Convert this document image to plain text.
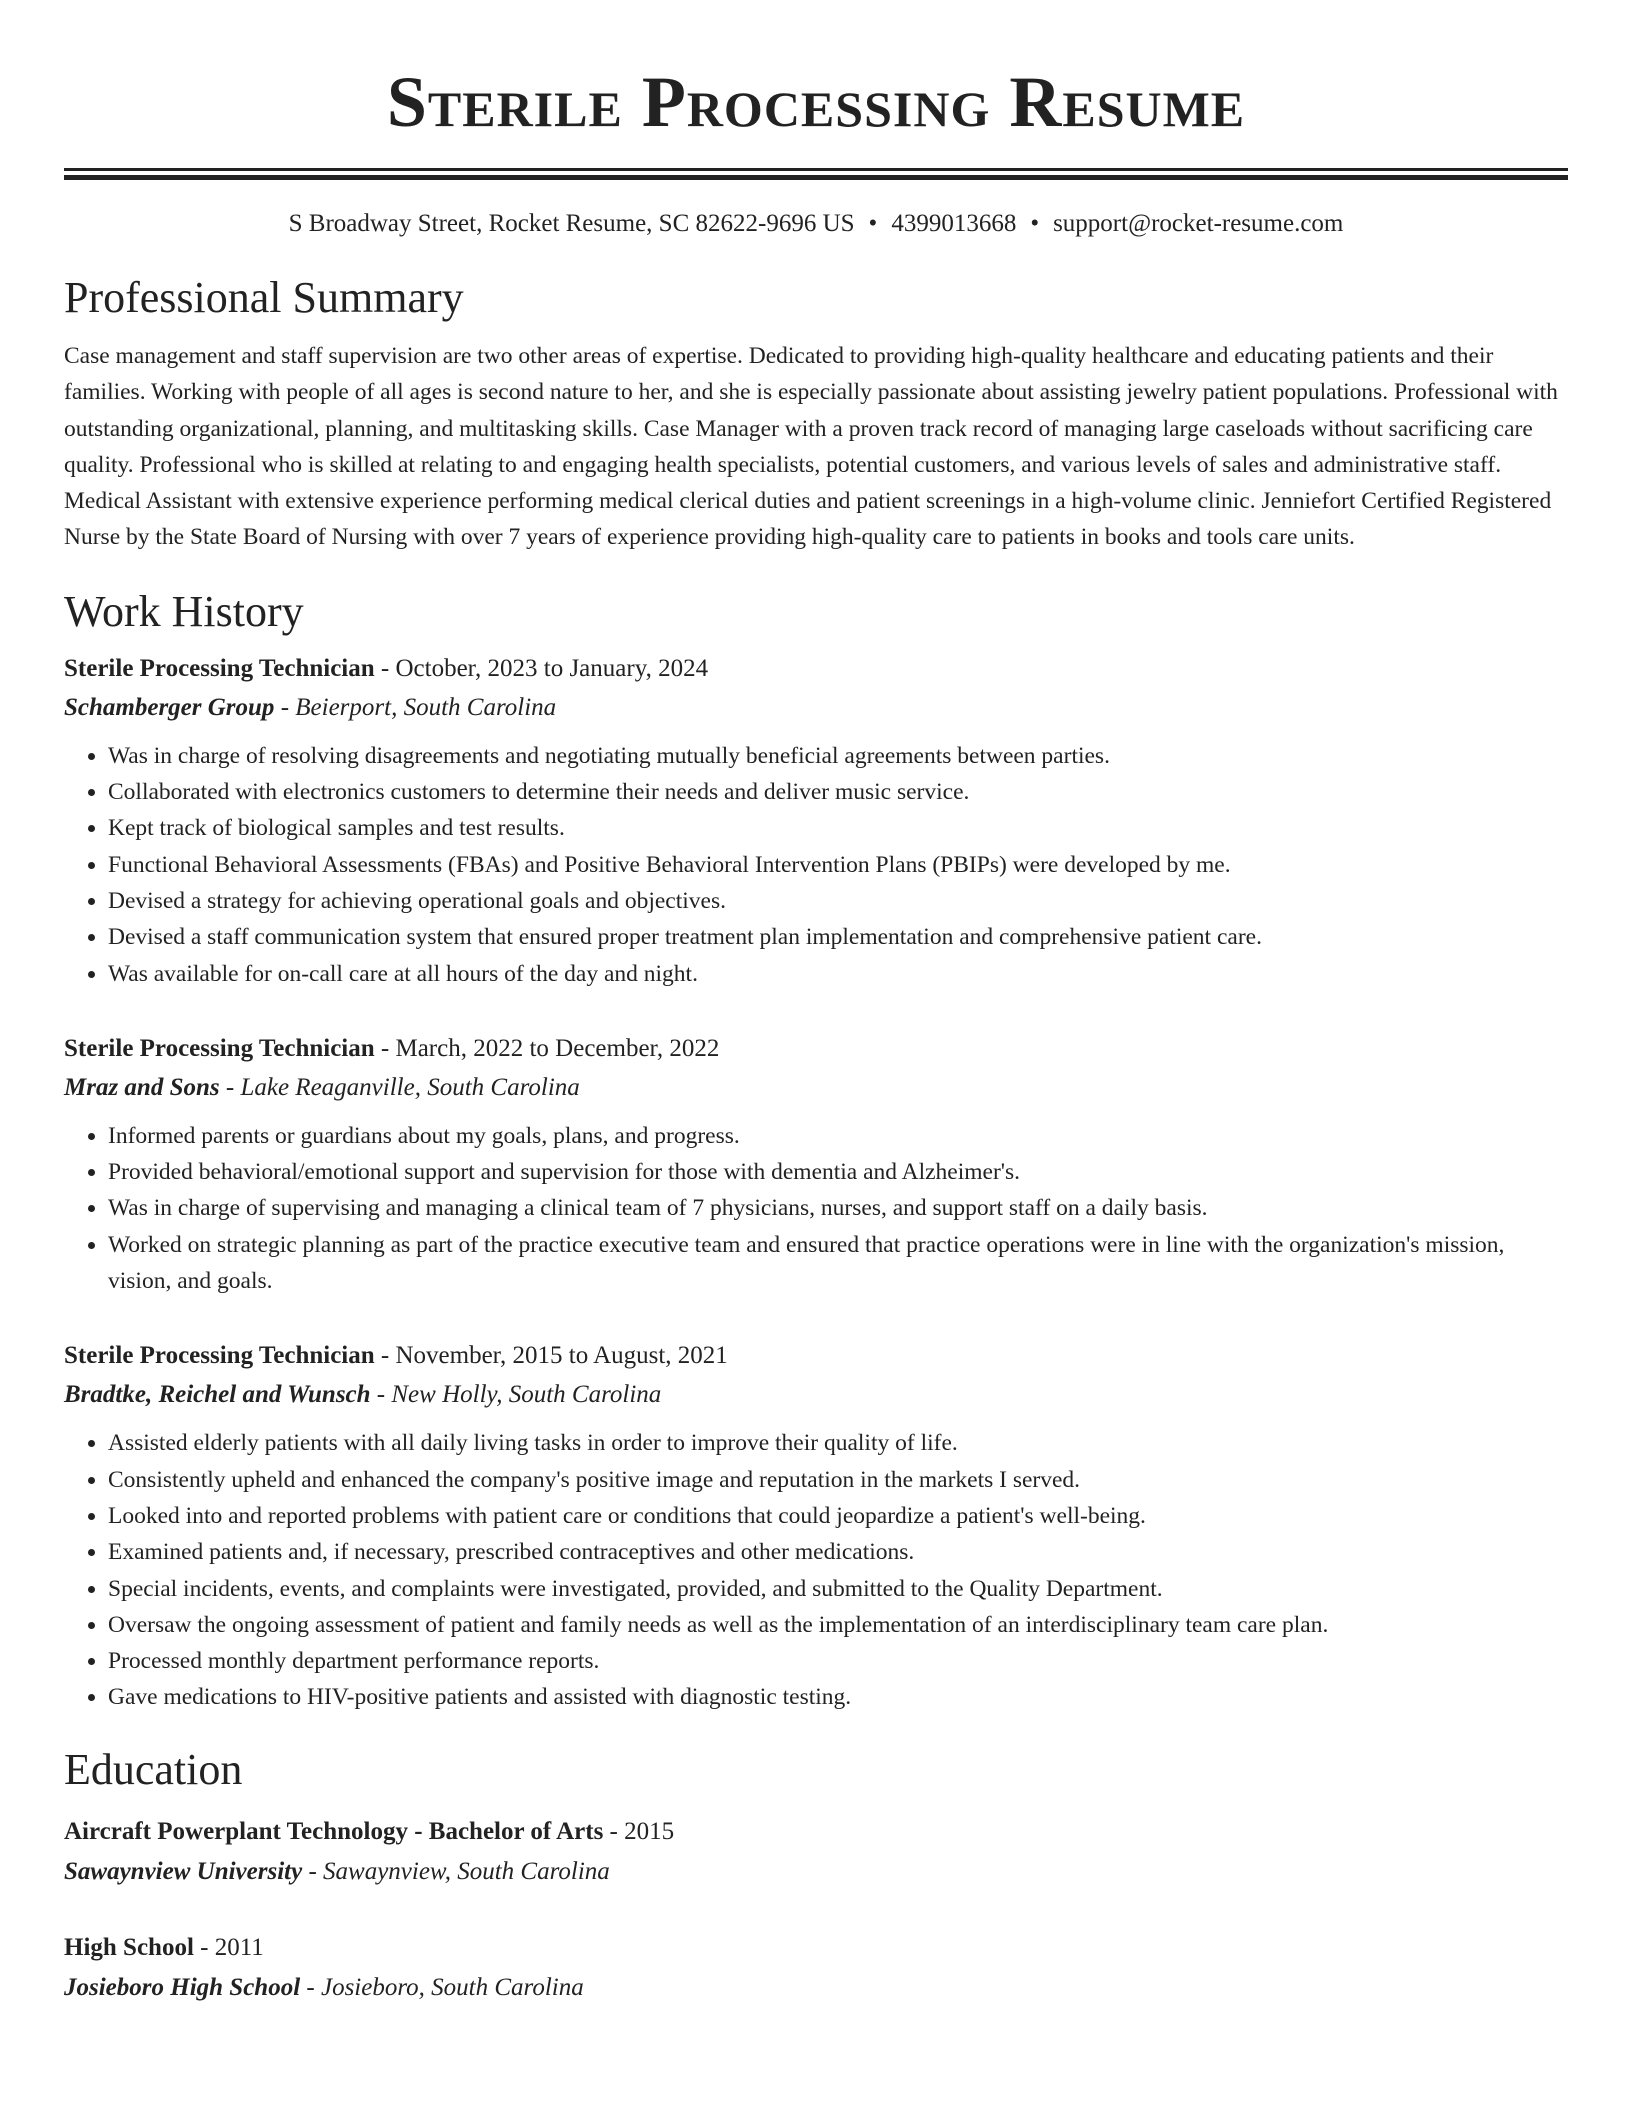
Sterile Processing Resume
S Broadway Street, Rocket Resume, SC 82622-9696 US • 4399013668 • support@rocket-resume.com
Professional Summary

Case management and staff supervision are two other areas of expertise. Dedicated to providing high-quality healthcare and educating patients and their families. Working with people of all ages is second nature to her, and she is especially passionate about assisting jewelry patient populations. Professional with outstanding organizational, planning, and multitasking skills. Case Manager with a proven track record of managing large caseloads without sacrificing care quality. Professional who is skilled at relating to and engaging health specialists, potential customers, and various levels of sales and administrative staff. Medical Assistant with extensive experience performing medical clerical duties and patient screenings in a high-volume clinic. Jenniefort Certified Registered Nurse by the State Board of Nursing with over 7 years of experience providing high-quality care to patients in books and tools care units.

Work History
Sterile Processing Technician - October, 2023 to January, 2024
Schamberger Group - Beierport, South Carolina
• Was in charge of resolving disagreements and negotiating mutually beneficial agreements between parties.
• Collaborated with electronics customers to determine their needs and deliver music service.
• Kept track of biological samples and test results.
• Functional Behavioral Assessments (FBAs) and Positive Behavioral Intervention Plans (PBIPs) were developed by me.
• Devised a strategy for achieving operational goals and objectives.
• Devised a staff communication system that ensured proper treatment plan implementation and comprehensive patient care.
• Was available for on-call care at all hours of the day and night.
Sterile Processing Technician - March, 2022 to December, 2022
Mraz and Sons - Lake Reaganville, South Carolina
• Informed parents or guardians about my goals, plans, and progress.
• Provided behavioral/emotional support and supervision for those with dementia and Alzheimer's.
• Was in charge of supervising and managing a clinical team of 7 physicians, nurses, and support staff on a daily basis.
• Worked on strategic planning as part of the practice executive team and ensured that practice operations were in line with the organization's mission, vision, and goals.
Sterile Processing Technician - November, 2015 to August, 2021
Bradtke, Reichel and Wunsch - New Holly, South Carolina
• Assisted elderly patients with all daily living tasks in order to improve their quality of life.
• Consistently upheld and enhanced the company's positive image and reputation in the markets I served.
• Looked into and reported problems with patient care or conditions that could jeopardize a patient's well-being.
• Examined patients and, if necessary, prescribed contraceptives and other medications.
• Special incidents, events, and complaints were investigated, provided, and submitted to the Quality Department.
• Oversaw the ongoing assessment of patient and family needs as well as the implementation of an interdisciplinary team care plan.
• Processed monthly department performance reports.
• Gave medications to HIV-positive patients and assisted with diagnostic testing.
Education
Aircraft Powerplant Technology - Bachelor of Arts - 2015
Sawaynview University - Sawaynview, South Carolina
High School - 2011
Josieboro High School - Josieboro, South Carolina
